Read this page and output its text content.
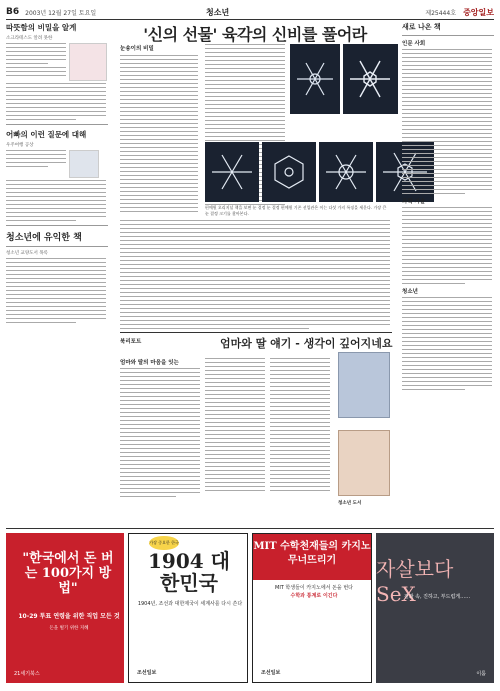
B6 2003년 12월 27일 토요일	청소년	제25444호 중앙일보
따뜻함의 비밀을 알게
소크라테스도 알려 못한
어빠의 이런 질문에 대해
우주여행 공상
청소년에 유익한 책
청소년 교양도서 목록
'신의 선물' 육각의 신비를 풀어라
눈송이의 비밀
편예원 오리지널 책을 보면 눈 결정 눈 결정 편예원 기존 선입관은 이는 다섯 가지 특징을 세운다. 가장 큰 눈 결정 크기를 찾아본다.
새로 나온 책
인문 사회
과학 기술
청소년
북리포트	엄마와 딸 얘기 - 생각이 깊어지네요
엄마와 딸의 마음을 잇는
청소년 도서
"한국에서 돈 버는 100가지 방법"
10-29 투표 연령을 위한 직업 모든 것
돈을 벌기 위한 지혜
21세기북스
가장 중요한 한국
1904 대한민국
1904년, 조선과 대한제국이 세계사를 다시 쓴다
조선일보
MIT 수학천재들의 카지노 무너뜨리기
MIT 학생들이 카지노에서 돈을 번다
수학과 통계로 이긴다
조선일보
자살보다 SeX
겉과 속, 진하고, 부드럽게……
이룸
